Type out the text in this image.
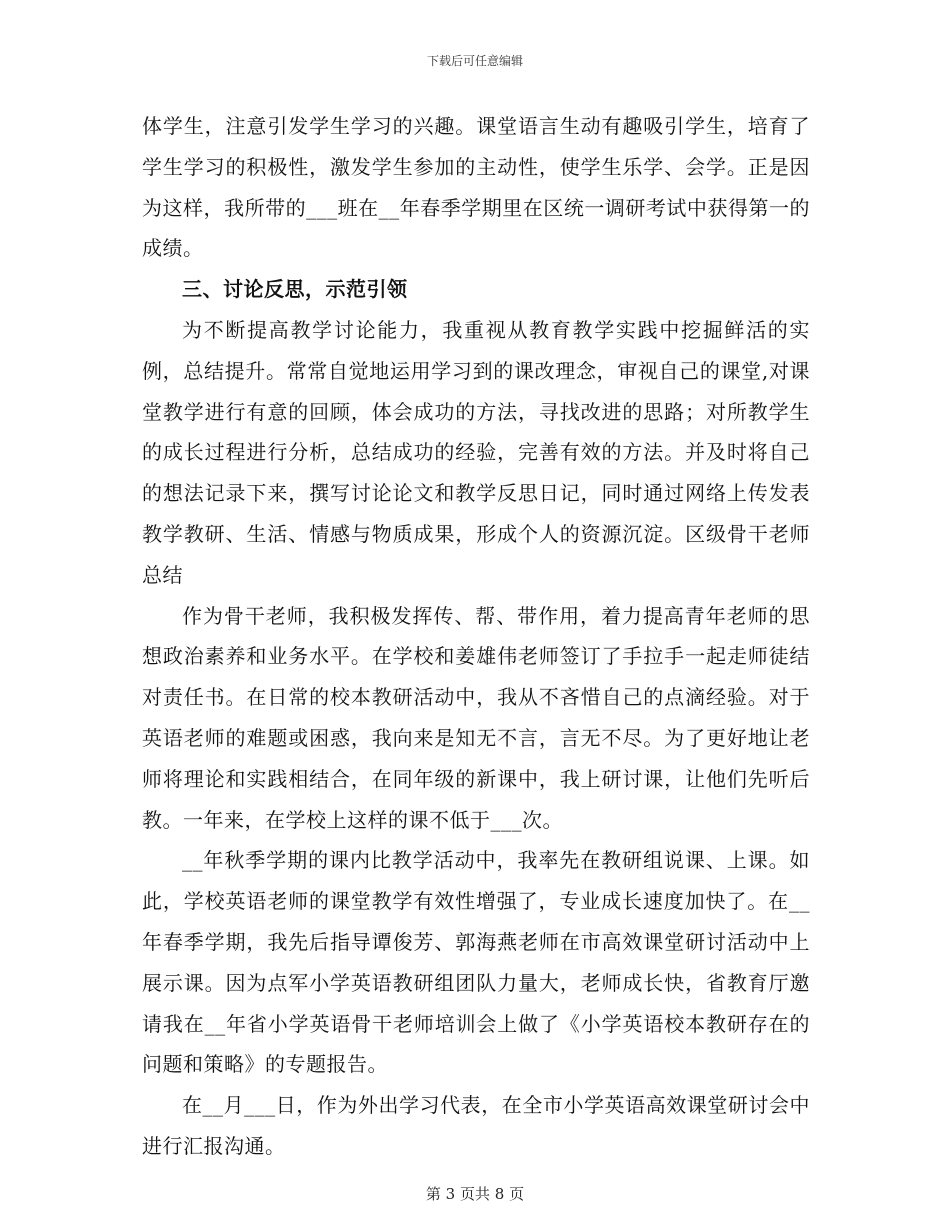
下载后可任意编辑

体学生，注意引发学生学习的兴趣。课堂语言生动有趣吸引学生，培育了学生学习的积极性，激发学生参加的主动性，使学生乐学、会学。正是因为这样，我所带的___班在__年春季学期里在区统一调研考试中获得第一的成绩。

三、讨论反思，示范引领

为不断提高教学讨论能力，我重视从教育教学实践中挖掘鲜活的实例，总结提升。常常自觉地运用学习到的课改理念，审视自己的课堂,对课堂教学进行有意的回顾，体会成功的方法，寻找改进的思路；对所教学生的成长过程进行分析，总结成功的经验，完善有效的方法。并及时将自己的想法记录下来，撰写讨论论文和教学反思日记，同时通过网络上传发表教学教研、生活、情感与物质成果，形成个人的资源沉淀。区级骨干老师总结

作为骨干老师，我积极发挥传、帮、带作用，着力提高青年老师的思想政治素养和业务水平。在学校和姜雄伟老师签订了手拉手一起走师徒结对责任书。在日常的校本教研活动中，我从不吝惜自己的点滴经验。对于英语老师的难题或困惑，我向来是知无不言，言无不尽。为了更好地让老师将理论和实践相结合，在同年级的新课中，我上研讨课，让他们先听后教。一年来，在学校上这样的课不低于___次。

__年秋季学期的课内比教学活动中，我率先在教研组说课、上课。如此，学校英语老师的课堂教学有效性增强了，专业成长速度加快了。在__年春季学期，我先后指导谭俊芳、郭海燕老师在市高效课堂研讨活动中上展示课。因为点军小学英语教研组团队力量大，老师成长快，省教育厅邀请我在__年省小学英语骨干老师培训会上做了《小学英语校本教研存在的问题和策略》的专题报告。

在__月___日，作为外出学习代表，在全市小学英语高效课堂研讨会中进行汇报沟通。

第 3 页共 8 页
